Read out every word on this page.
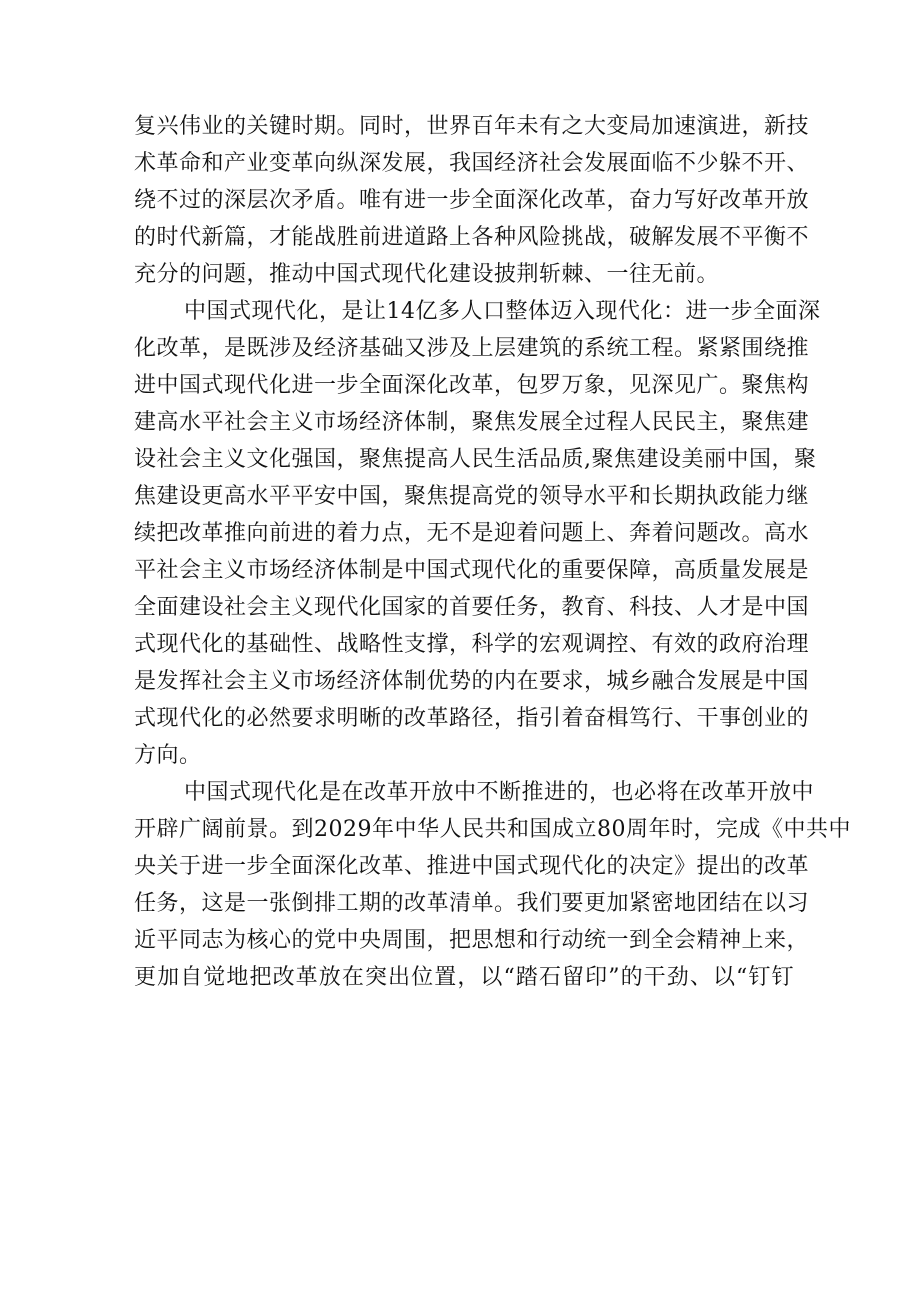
复兴伟业的关键时期。同时，世界百年未有之大变局加速演进，新技
术革命和产业变革向纵深发展，我国经济社会发展面临不少躲不开、
绕不过的深层次矛盾。唯有进一步全面深化改革，奋力写好改革开放
的时代新篇，才能战胜前进道路上各种风险挑战，破解发展不平衡不
充分的问题，推动中国式现代化建设披荆斩棘、一往无前。
中国式现代化，是让14亿多人口整体迈入现代化：进一步全面深
化改革，是既涉及经济基础又涉及上层建筑的系统工程。紧紧围绕推
进中国式现代化进一步全面深化改革，包罗万象，见深见广。聚焦构
建高水平社会主义市场经济体制，聚焦发展全过程人民民主，聚焦建
设社会主义文化强国，聚焦提高人民生活品质,聚焦建设美丽中国，聚
焦建设更高水平平安中国，聚焦提高党的领导水平和长期执政能力继
续把改革推向前进的着力点，无不是迎着问题上、奔着问题改。高水
平社会主义市场经济体制是中国式现代化的重要保障，高质量发展是
全面建设社会主义现代化国家的首要任务，教育、科技、人才是中国
式现代化的基础性、战略性支撑，科学的宏观调控、有效的政府治理
是发挥社会主义市场经济体制优势的内在要求，城乡融合发展是中国
式现代化的必然要求明晰的改革路径，指引着奋楫笃行、干事创业的
方向。
中国式现代化是在改革开放中不断推进的，也必将在改革开放中
开辟广阔前景。到2029年中华人民共和国成立80周年时，完成《中共中
央关于进一步全面深化改革、推进中国式现代化的决定》提出的改革
任务，这是一张倒排工期的改革清单。我们要更加紧密地团结在以习
近平同志为核心的党中央周围，把思想和行动统一到全会精神上来，
更加自觉地把改革放在突出位置，以“踏石留印”的干劲、以“钉钉
